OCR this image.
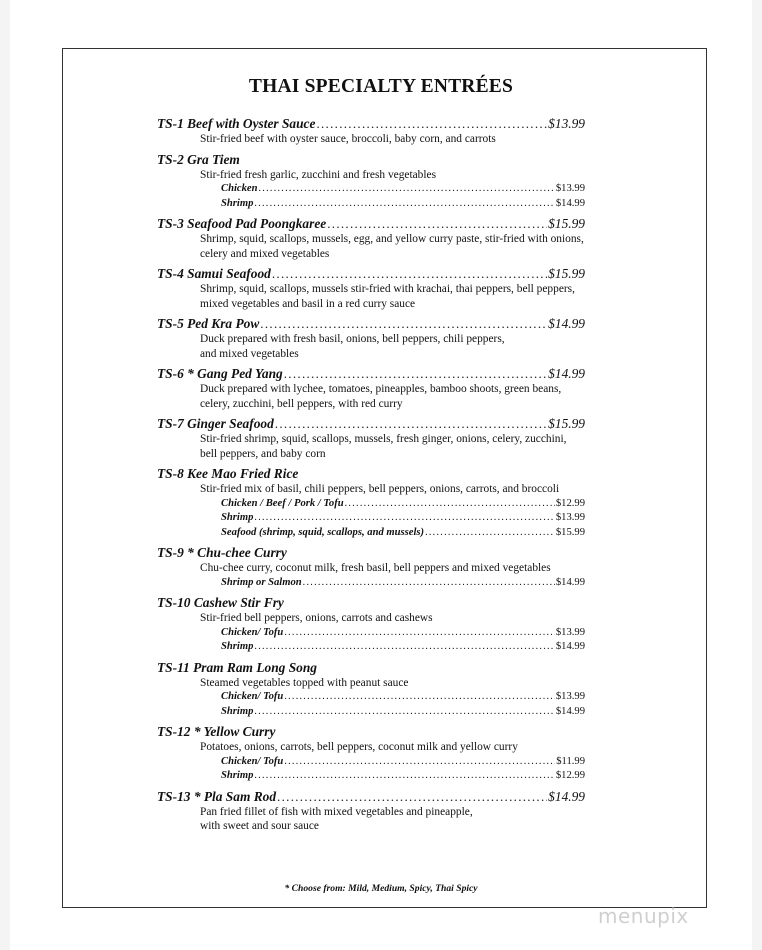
THAI SPECIALTY ENTRÉES
TS-1 Beef with Oyster Sauce .....	$13.99
Stir-fried beef with oyster sauce, broccoli, baby corn, and carrots
TS-2 Gra Tiem
Stir-fried fresh garlic, zucchini and fresh vegetables
Chicken .....	$13.99
Shrimp .....	$14.99
TS-3 Seafood Pad Poongkaree .....	$15.99
Shrimp, squid, scallops, mussels, egg, and yellow curry paste, stir-fried with onions,
celery and mixed vegetables
TS-4 Samui Seafood .....	$15.99
Shrimp, squid, scallops, mussels stir-fried with krachai, thai peppers, bell peppers,
mixed vegetables and basil in a red curry sauce
TS-5 Ped Kra Pow .....	$14.99
Duck prepared with fresh basil, onions, bell peppers, chili peppers,
and mixed vegetables
TS-6 * Gang Ped Yang .....	$14.99
Duck prepared with lychee, tomatoes, pineapples, bamboo shoots, green beans,
celery, zucchini, bell peppers, with red curry
TS-7 Ginger Seafood .....	$15.99
Stir-fried shrimp, squid, scallops, mussels, fresh ginger, onions, celery, zucchini,
bell peppers, and baby corn
TS-8 Kee Mao Fried Rice
Stir-fried mix of basil, chili peppers, bell peppers, onions, carrots, and broccoli
Chicken / Beef / Pork / Tofu .....	$12.99
Shrimp .....	$13.99
Seafood (shrimp, squid, scallops, and mussels) .....	$15.99
TS-9 * Chu-chee Curry
Chu-chee curry, coconut milk, fresh basil, bell peppers and mixed vegetables
Shrimp or Salmon .....	$14.99
TS-10 Cashew Stir Fry
Stir-fried bell peppers, onions, carrots and cashews
Chicken/ Tofu .....	$13.99
Shrimp .....	$14.99
TS-11 Pram Ram Long Song
Steamed vegetables topped with peanut sauce
Chicken/ Tofu .....	$13.99
Shrimp .....	$14.99
TS-12 * Yellow Curry
Potatoes, onions, carrots, bell peppers, coconut milk and yellow curry
Chicken/ Tofu .....	$11.99
Shrimp .....	$12.99
TS-13 * Pla Sam Rod .....	$14.99
Pan fried fillet of fish with mixed vegetables and pineapple,
with sweet and sour sauce
* Choose from: Mild, Medium, Spicy, Thai Spicy
menupix
